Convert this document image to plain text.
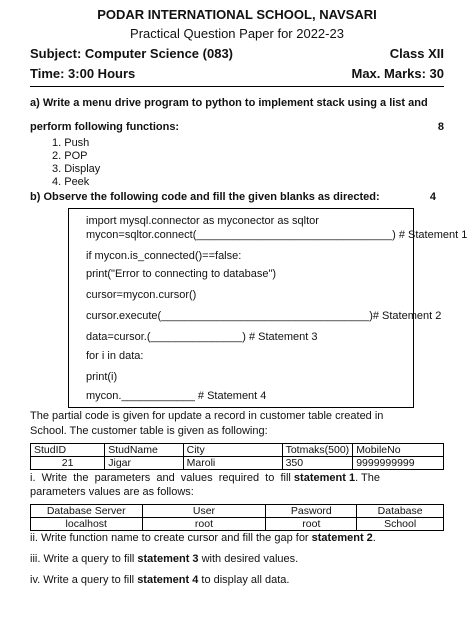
PODAR INTERNATIONAL SCHOOL, NAVSARI
Practical Question Paper for 2022-23
Subject: Computer Science (083)	Class XII
Time: 3:00 Hours	Max. Marks: 30
a) Write a menu drive program to python to implement stack using a list and
perform following functions:	8
1. Push
2. POP
3. Display
4. Peek
b) Observe the following code and fill the given blanks as directed:	4
import mysql.connector as myconector as sqltor
mycon=sqltor.connect(________________________________) # Statement 1
if mycon.is_connected()==false:
print("Error to connecting to database")
cursor=mycon.cursor()
cursor.execute(__________________________________)# Statement 2
data=cursor.(_______________) # Statement 3
for i in data:
print(i)
mycon.____________ # Statement 4
The partial code is given for update a record in customer table created in
School. The customer table is given as following:
StudID	StudName	City	Totmaks(500)	MobileNo
21	Jigar	Maroli	350	9999999999
i.  Write  the  parameters  and  values  required  to  fill statement 1. The
parameters values are as follows:
Database Server	User	Pasword	Database
localhost	root	root	School
ii. Write function name to create cursor and fill the gap for statement 2.
iii. Write a query to fill statement 3 with desired values.
iv. Write a query to fill statement 4 to display all data.
